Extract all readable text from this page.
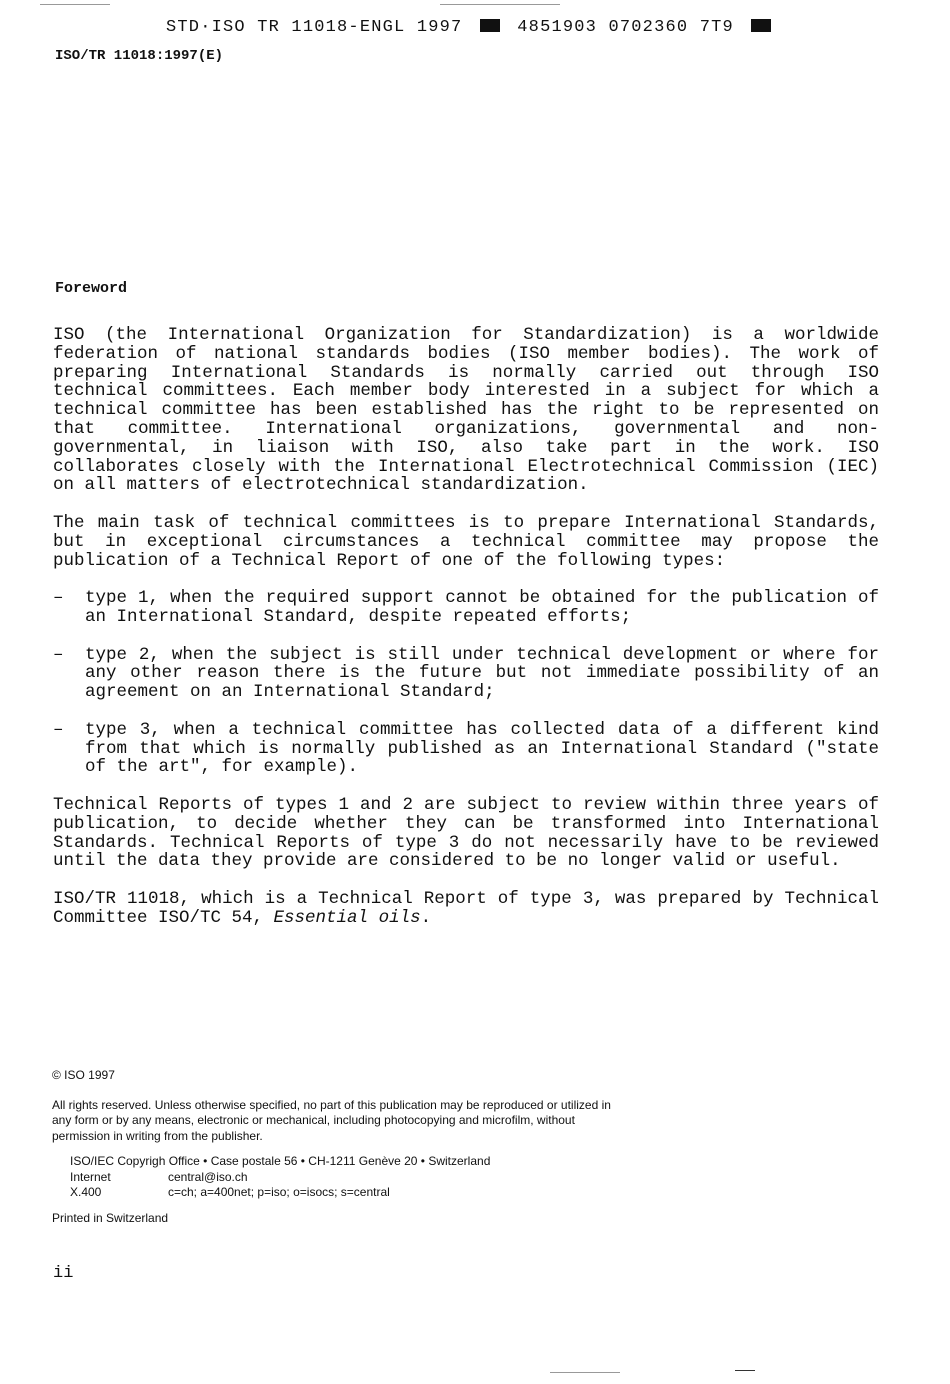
STD·ISO TR 11018-ENGL 1997	4851903 0702360 7T9
ISO/TR 11018:1997(E)
Foreword

ISO (the International Organization for Standardization) is a worldwide federation of national standards bodies (ISO member bodies). The work of preparing International Standards is normally carried out through ISO technical committees. Each member body interested in a subject for which a technical committee has been established has the right to be represented on that committee. International organizations, governmental and non-governmental, in liaison with ISO, also take part in the work. ISO collaborates closely with the International Electrotechnical Commission (IEC) on all matters of electrotechnical standardization.

The main task of technical committees is to prepare International Standards, but in exceptional circumstances a technical committee may propose the publication of a Technical Report of one of the following types:

– type 1, when the required support cannot be obtained for the publication of an International Standard, despite repeated efforts;
– type 2, when the subject is still under technical development or where for any other reason there is the future but not immediate possibility of an agreement on an International Standard;
– type 3, when a technical committee has collected data of a different kind from that which is normally published as an International Standard ("state of the art", for example).

Technical Reports of types 1 and 2 are subject to review within three years of publication, to decide whether they can be transformed into International Standards. Technical Reports of type 3 do not necessarily have to be reviewed until the data they provide are considered to be no longer valid or useful.

ISO/TR 11018, which is a Technical Report of type 3, was prepared by Technical Committee ISO/TC 54, Essential oils.

© ISO 1997

All rights reserved. Unless otherwise specified, no part of this publication may be reproduced or utilized in any form or by any means, electronic or mechanical, including photocopying and microfilm, without permission in writing from the publisher.

ISO/IEC Copyrigh Office • Case postale 56 • CH-1211 Genève 20 • Switzerland
Internet	central@iso.ch
X.400	c=ch; a=400net; p=iso; o=isocs; s=central

Printed in Switzerland

ii
